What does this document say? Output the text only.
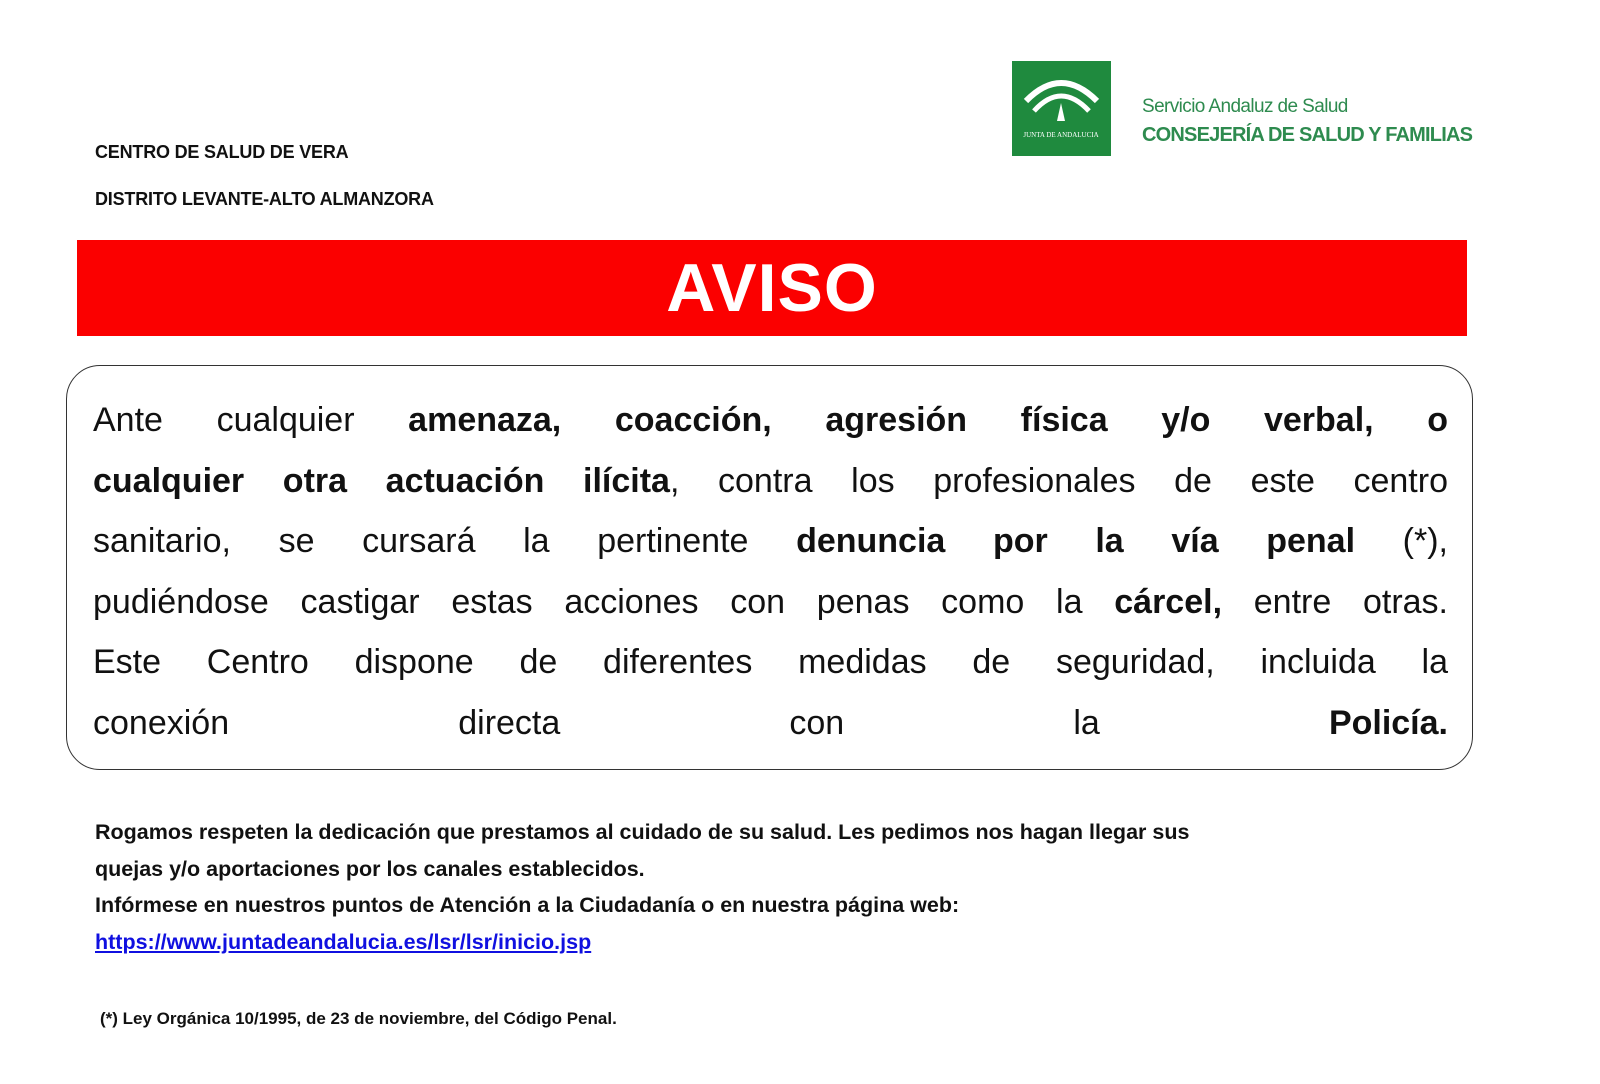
CENTRO DE SALUD DE VERA
DISTRITO LEVANTE-ALTO ALMANZORA
JUNTA DE ANDALUCIA
Servicio Andaluz de Salud
CONSEJERÍA DE SALUD Y FAMILIAS
AVISO
Ante cualquier amenaza, coacción, agresión física y/o verbal, o
cualquier otra actuación ilícita, contra los profesionales de este centro
sanitario, se cursará la pertinente denuncia por la vía penal (*),
pudiéndose castigar estas acciones con penas como la cárcel, entre otras.
Este Centro dispone de diferentes medidas de seguridad, incluida la
conexión directa con la Policía.
Rogamos respeten la dedicación que prestamos al cuidado de su salud. Les pedimos nos hagan llegar sus
quejas y/o aportaciones por los canales establecidos.
Infórmese en nuestros puntos de Atención a la Ciudadanía o en nuestra página web:
https://www.juntadeandalucia.es/lsr/lsr/inicio.jsp
(*) Ley Orgánica 10/1995, de 23 de noviembre, del Código Penal.
